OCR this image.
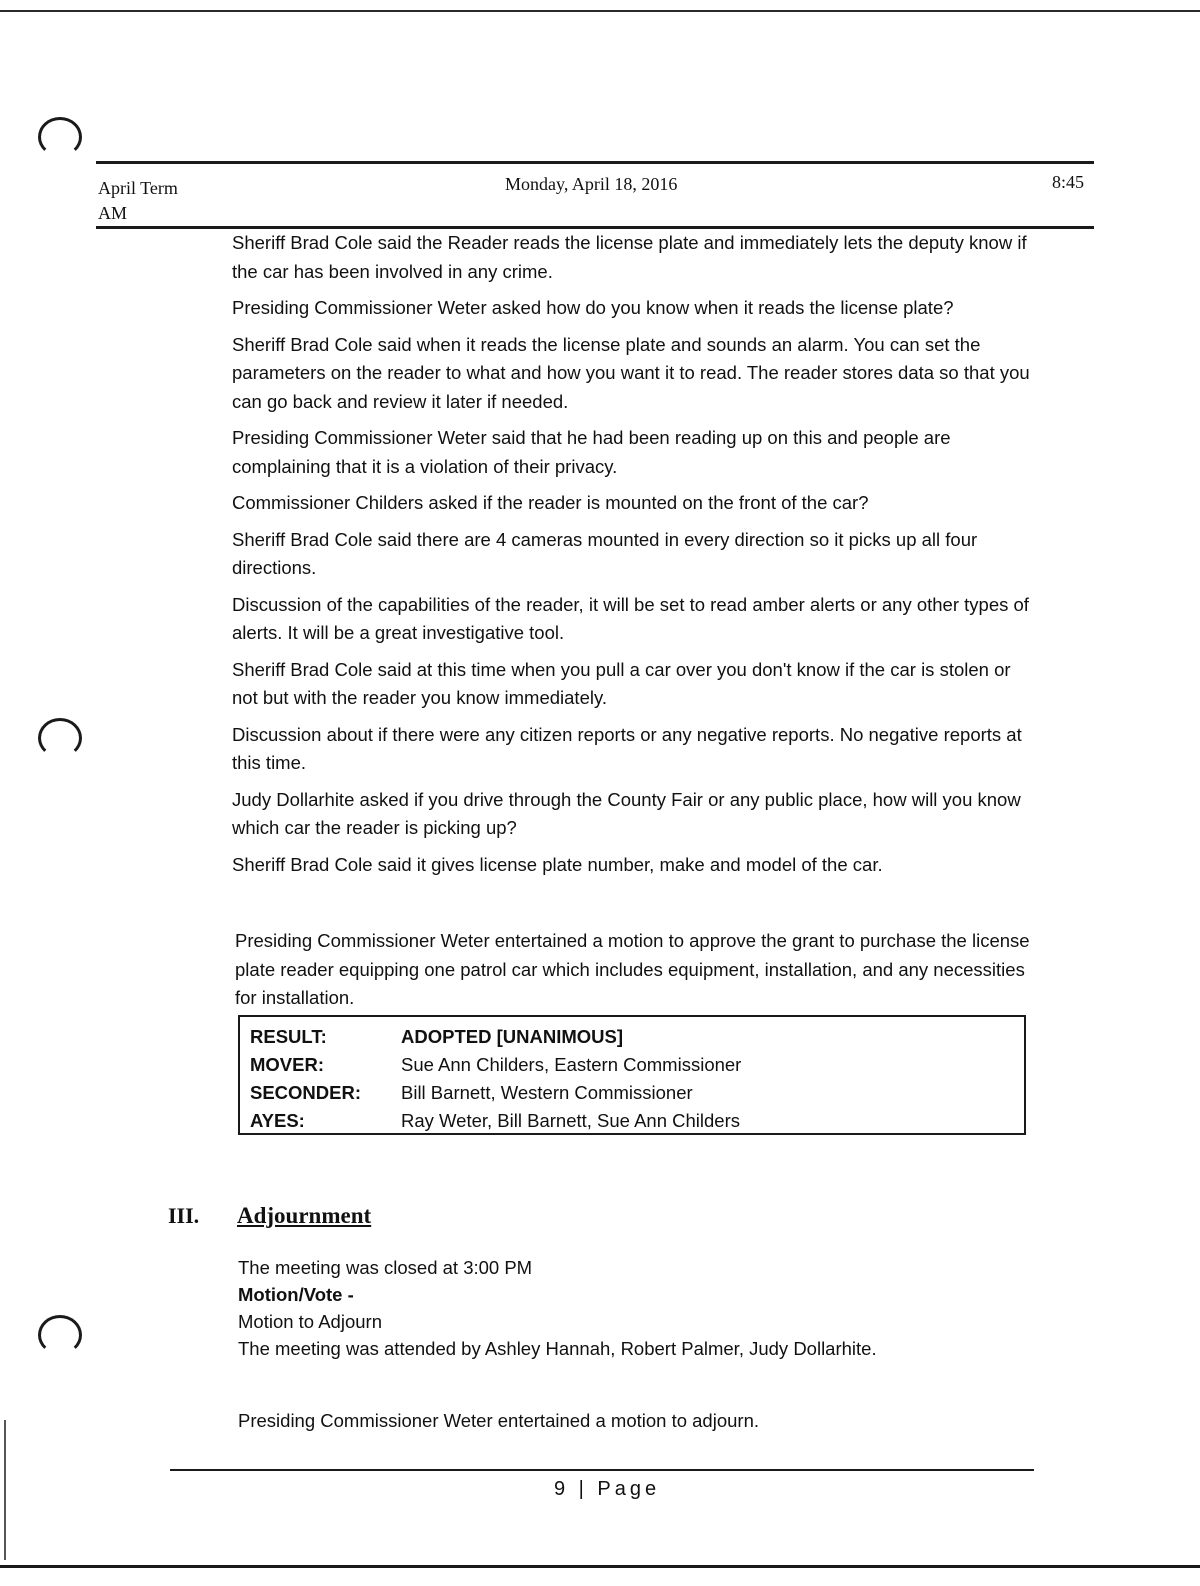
April Term
AM
Monday, April 18, 2016	8:45

Sheriff Brad Cole said the Reader reads the license plate and immediately lets the deputy know if the car has been involved in any crime.

Presiding Commissioner Weter asked how do you know when it reads the license plate?

Sheriff Brad Cole said when it reads the license plate and sounds an alarm. You can set the parameters on the reader to what and how you want it to read. The reader stores data so that you can go back and review it later if needed.

Presiding Commissioner Weter said that he had been reading up on this and people are complaining that it is a violation of their privacy.

Commissioner Childers asked if the reader is mounted on the front of the car?

Sheriff Brad Cole said there are 4 cameras mounted in every direction so it picks up all four directions.

Discussion of the capabilities of the reader, it will be set to read amber alerts or any other types of alerts. It will be a great investigative tool.

Sheriff Brad Cole said at this time when you pull a car over you don't know if the car is stolen or not but with the reader you know immediately.

Discussion about if there were any citizen reports or any negative reports. No negative reports at this time.

Judy Dollarhite asked if you drive through the County Fair or any public place, how will you know which car the reader is picking up?

Sheriff Brad Cole said it gives license plate number, make and model of the car.

Presiding Commissioner Weter entertained a motion to approve the grant to purchase the license plate reader equipping one patrol car which includes equipment, installation, and any necessities for installation.
RESULT:	ADOPTED [UNANIMOUS]
MOVER:	Sue Ann Childers, Eastern Commissioner
SECONDER: Bill Barnett, Western Commissioner
AYES:	Ray Weter, Bill Barnett, Sue Ann Childers
III. Adjournment
The meeting was closed at 3:00 PM
Motion/Vote -
Motion to Adjourn
The meeting was attended by Ashley Hannah, Robert Palmer, Judy Dollarhite.
Presiding Commissioner Weter entertained a motion to adjourn.
9 | Page
